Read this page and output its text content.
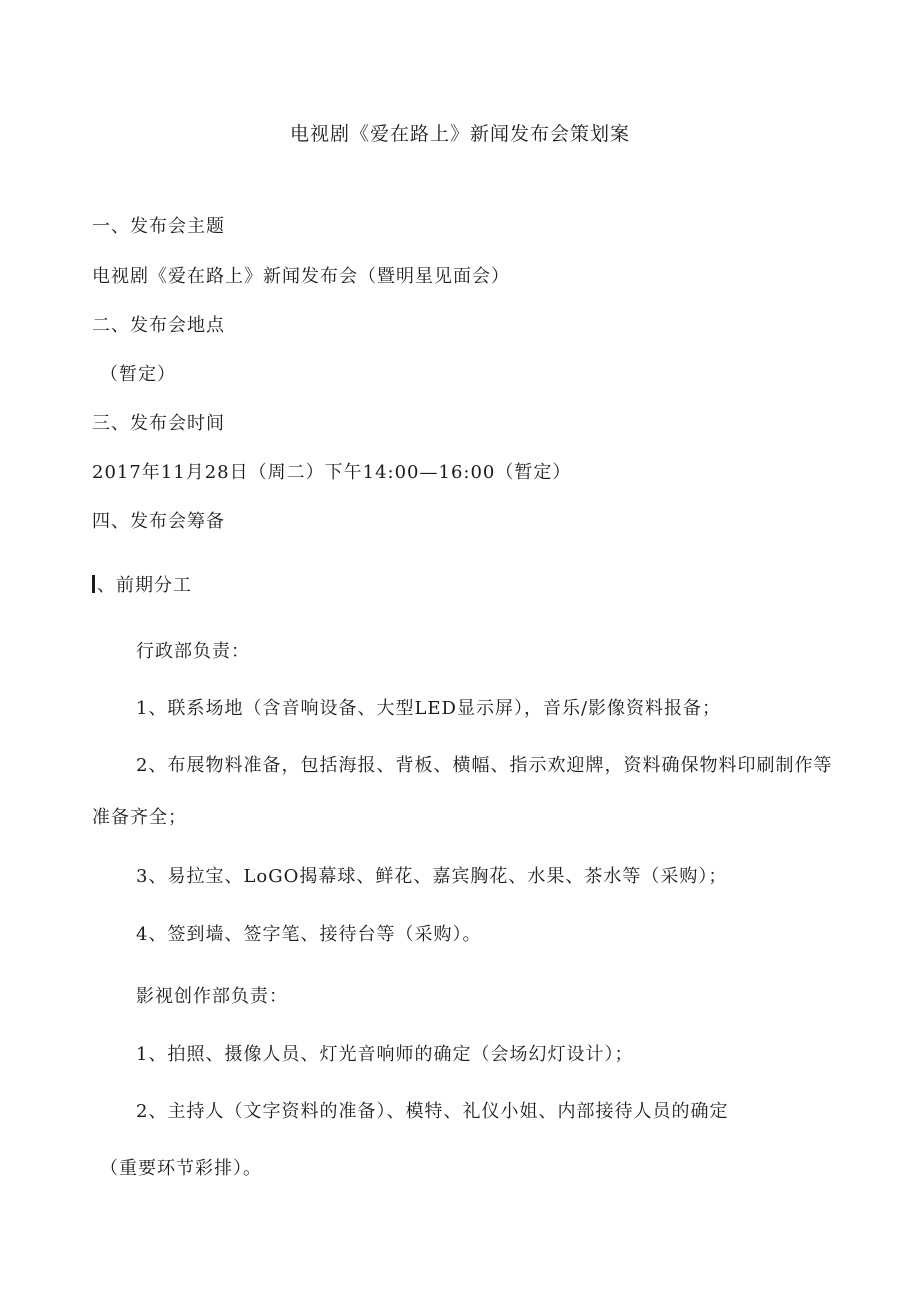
电视剧《爱在路上》新闻发布会策划案
一、发布会主题
电视剧《爱在路上》新闻发布会（暨明星见面会）
二、发布会地点
（暂定）
三、发布会时间
2017年11月28日（周二）下午14:00—16:00（暂定）
四、发布会筹备
、前期分工
行政部负责：
1、联系场地（含音响设备、大型LED显示屏），音乐/影像资料报备；
2、布展物料准备，包括海报、背板、横幅、指示欢迎牌，资料确保物料印刷制作等
准备齐全；
3、易拉宝、LoGO揭幕球、鲜花、嘉宾胸花、水果、茶水等（采购）；
4、签到墙、签字笔、接待台等（采购）。
影视创作部负责：
1、拍照、摄像人员、灯光音响师的确定（会场幻灯设计）；
2、主持人（文字资料的准备）、模特、礼仪小姐、内部接待人员的确定
（重要环节彩排）。
